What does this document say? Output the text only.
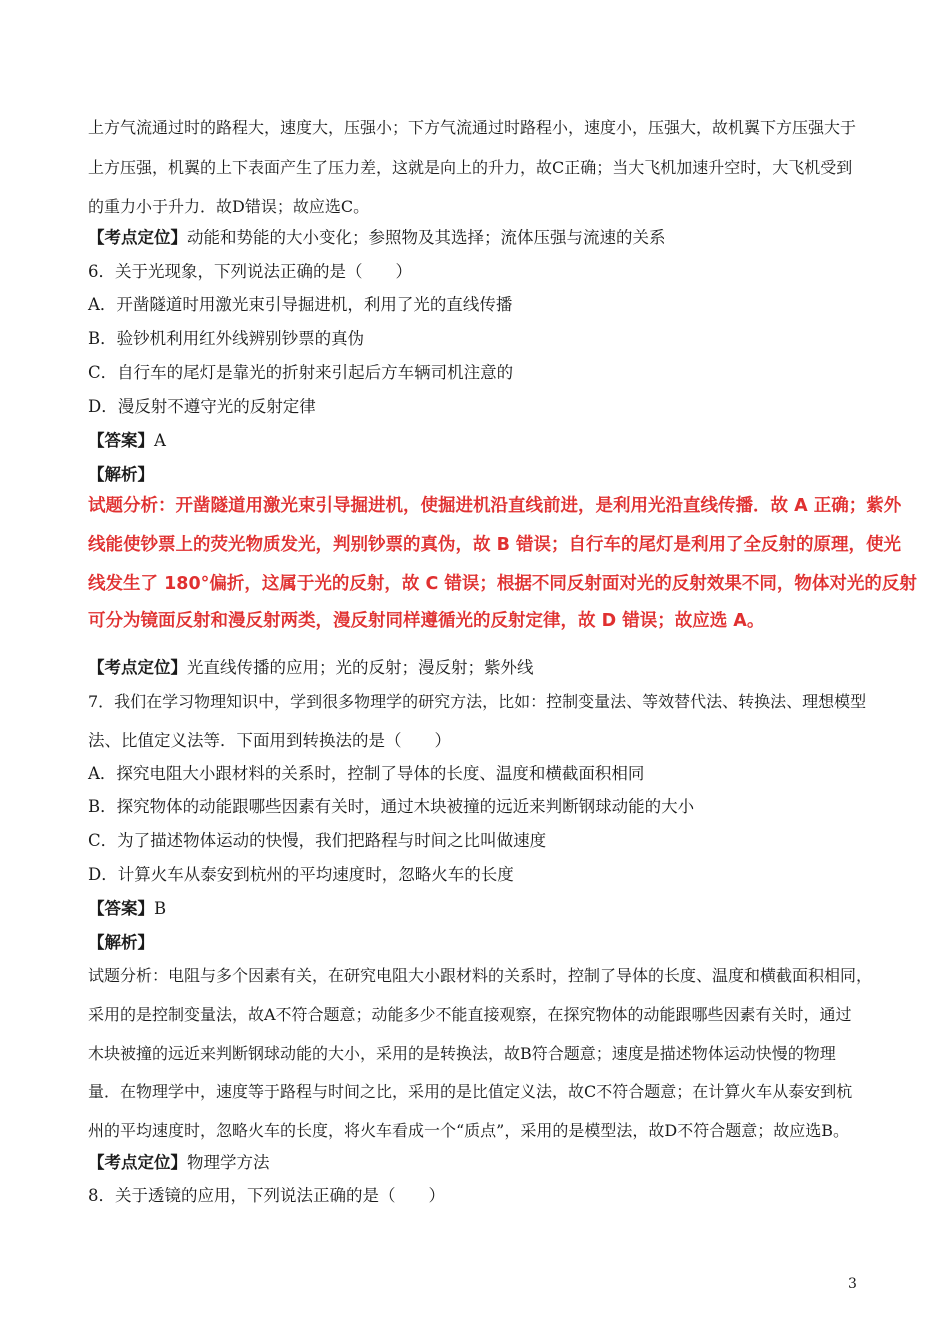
上方气流通过时的路程大，速度大，压强小；下方气流通过时路程小，速度小，压强大，故机翼下方压强大于
上方压强，机翼的上下表面产生了压力差，这就是向上的升力，故C正确；当大飞机加速升空时，大飞机受到
的重力小于升力．故D错误；故应选C。
【考点定位】动能和势能的大小变化；参照物及其选择；流体压强与流速的关系
6．关于光现象，下列说法正确的是（　　）
A．开凿隧道时用激光束引导掘进机，利用了光的直线传播
B．验钞机利用红外线辨别钞票的真伪
C．自行车的尾灯是靠光的折射来引起后方车辆司机注意的
D．漫反射不遵守光的反射定律
【答案】A
【解析】
试题分析：开凿隧道用激光束引导掘进机，使掘进机沿直线前进，是利用光沿直线传播．故 A 正确；紫外
线能使钞票上的荧光物质发光，判别钞票的真伪，故 B 错误；自行车的尾灯是利用了全反射的原理，使光
线发生了 180°偏折，这属于光的反射，故 C 错误；根据不同反射面对光的反射效果不同，物体对光的反射
可分为镜面反射和漫反射两类，漫反射同样遵循光的反射定律，故 D 错误；故应选 A。
【考点定位】光直线传播的应用；光的反射；漫反射；紫外线
7．我们在学习物理知识中，学到很多物理学的研究方法，比如：控制变量法、等效替代法、转换法、理想模型
法、比值定义法等．下面用到转换法的是（　　）
A．探究电阻大小跟材料的关系时，控制了导体的长度、温度和横截面积相同
B．探究物体的动能跟哪些因素有关时，通过木块被撞的远近来判断钢球动能的大小
C．为了描述物体运动的快慢，我们把路程与时间之比叫做速度
D．计算火车从泰安到杭州的平均速度时，忽略火车的长度
【答案】B
【解析】
试题分析：电阻与多个因素有关，在研究电阻大小跟材料的关系时，控制了导体的长度、温度和横截面积相同，
采用的是控制变量法，故A不符合题意；动能多少不能直接观察，在探究物体的动能跟哪些因素有关时，通过
木块被撞的远近来判断钢球动能的大小，采用的是转换法，故B符合题意；速度是描述物体运动快慢的物理
量．在物理学中，速度等于路程与时间之比，采用的是比值定义法，故C不符合题意；在计算火车从泰安到杭
州的平均速度时，忽略火车的长度，将火车看成一个“质点”，采用的是模型法，故D不符合题意；故应选B。
【考点定位】物理学方法
8．关于透镜的应用，下列说法正确的是（　　）
3
